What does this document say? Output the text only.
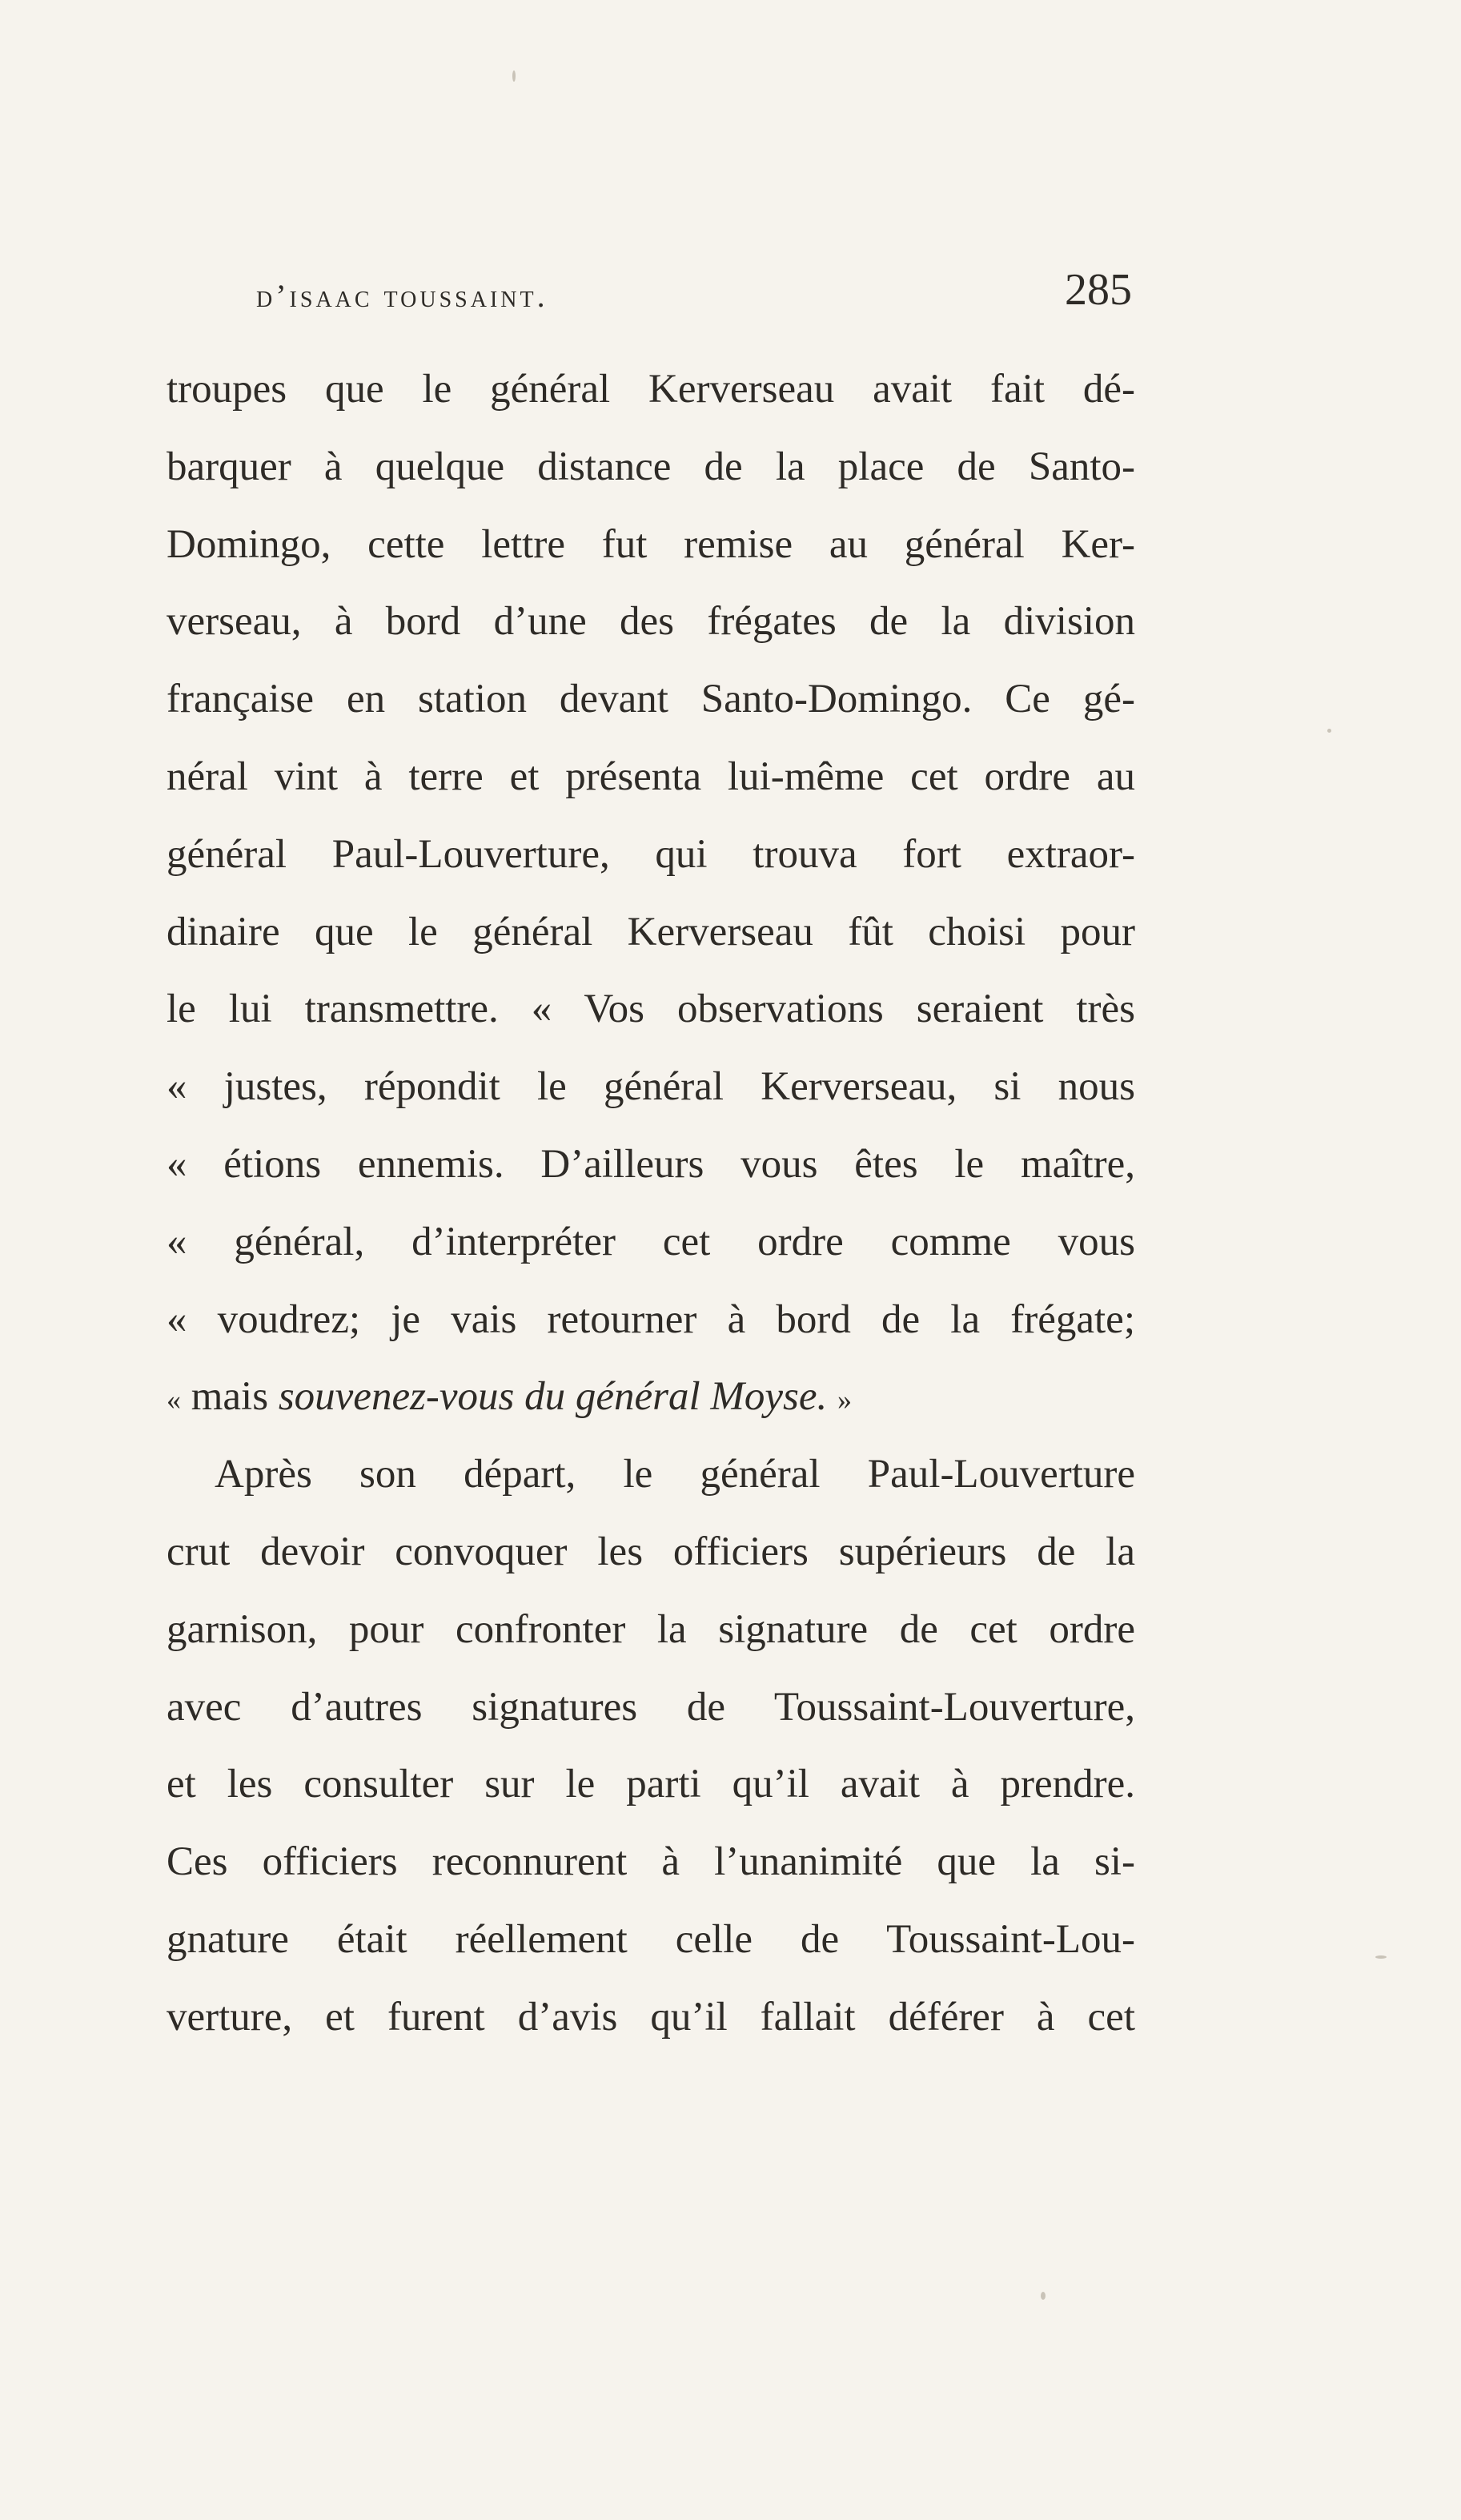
d’isaac toussaint.	285
troupes que le général Kerverseau avait fait dé-
barquer à quelque distance de la place de Santo-
Domingo, cette lettre fut remise au général Ker-
verseau, à bord d’une des frégates de la division
française en station devant Santo-Domingo. Ce gé-
néral vint à terre et présenta lui-même cet ordre au
général Paul-Louverture, qui trouva fort extraor-
dinaire que le général Kerverseau fût choisi pour
le lui transmettre. « Vos observations seraient très
« justes, répondit le général Kerverseau, si nous
« étions ennemis. D’ailleurs vous êtes le maître,
« général, d’interpréter cet ordre comme vous
« voudrez; je vais retourner à bord de la frégate;
« mais souvenez-vous du général Moyse. »
Après son départ, le général Paul-Louverture
crut devoir convoquer les officiers supérieurs de la
garnison, pour confronter la signature de cet ordre
avec d’autres signatures de Toussaint-Louverture,
et les consulter sur le parti qu’il avait à prendre.
Ces officiers reconnurent à l’unanimité que la si-
gnature était réellement celle de Toussaint-Lou-
verture, et furent d’avis qu’il fallait déférer à cet
